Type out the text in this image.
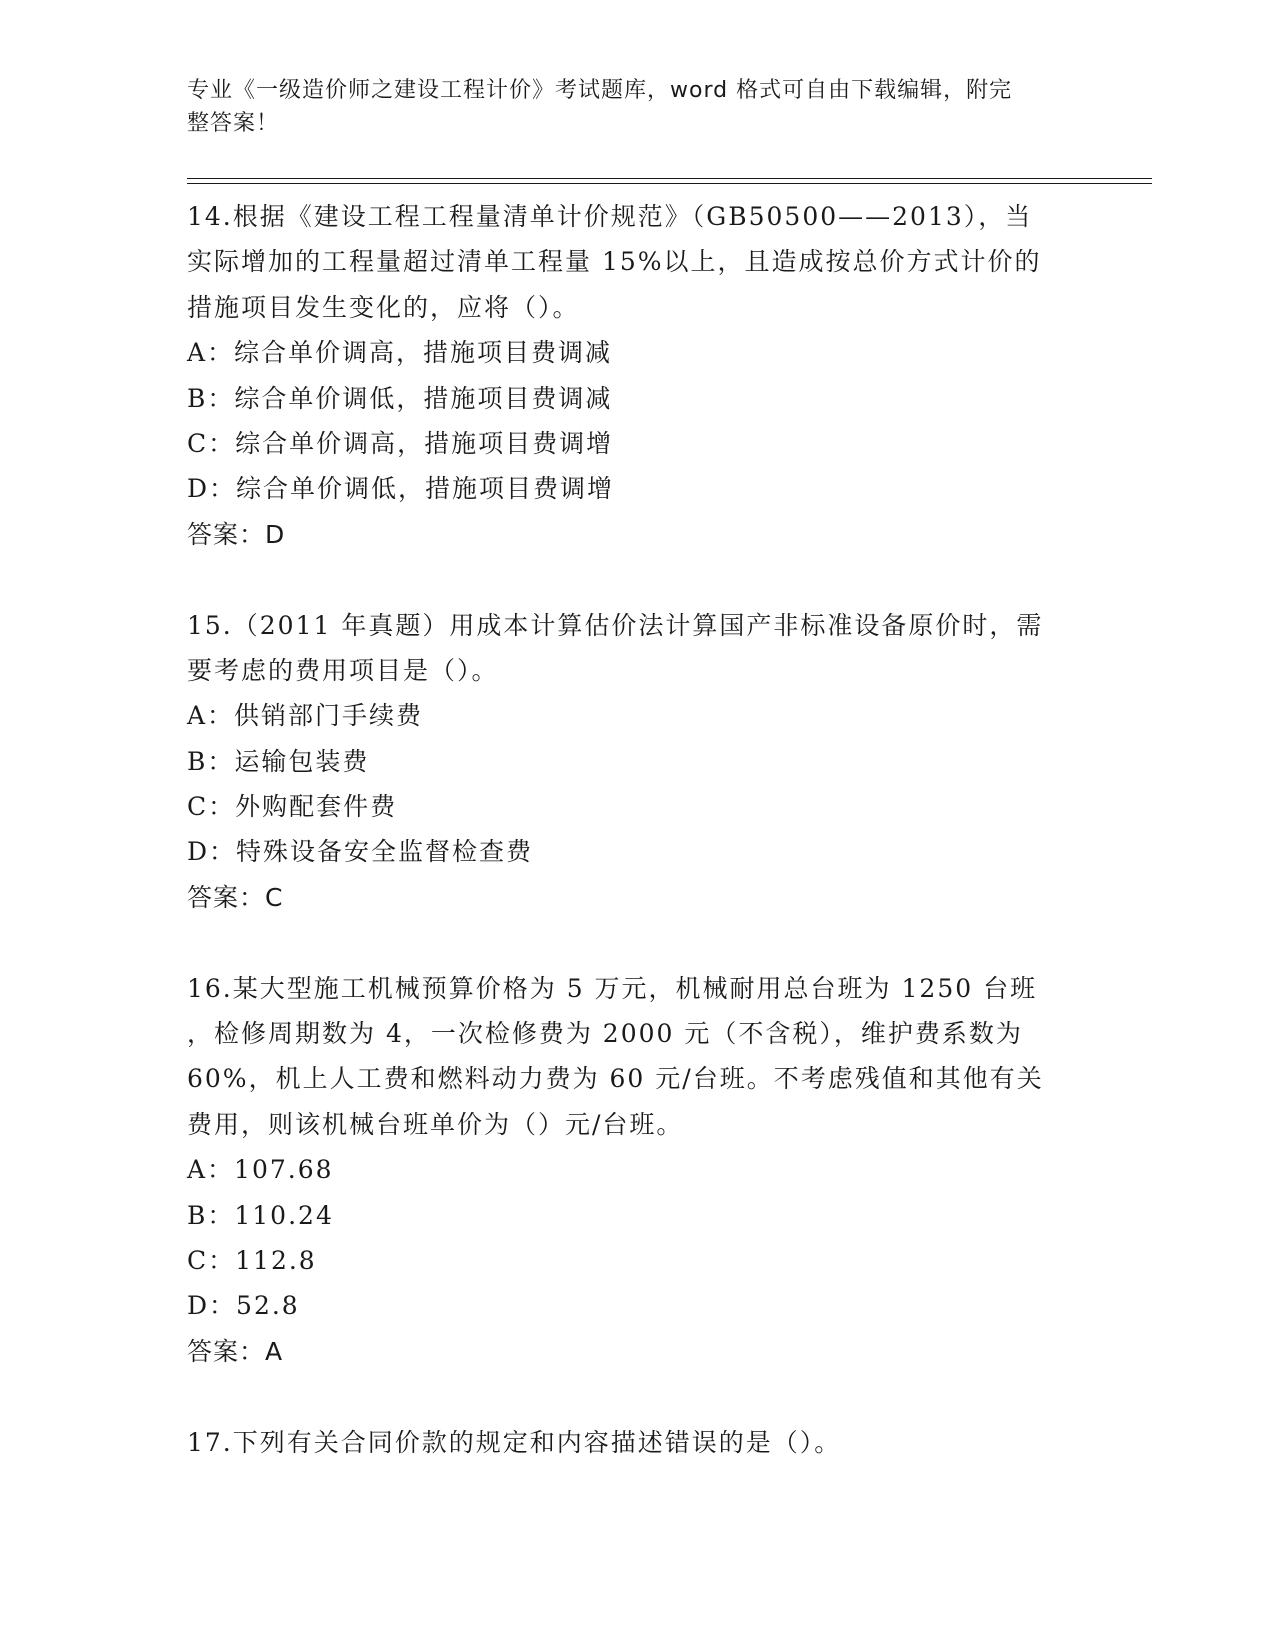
专业《一级造价师之建设工程计价》考试题库，word 格式可自由下载编辑，附完
整答案！
14.根据《建设工程工程量清单计价规范》（GB50500——2013），当
实际增加的工程量超过清单工程量 15%以上，且造成按总价方式计价的
措施项目发生变化的，应将（）。
A：综合单价调高，措施项目费调减
B：综合单价调低，措施项目费调减
C：综合单价调高，措施项目费调增
D：综合单价调低，措施项目费调增
答案：D
15.（2011 年真题）用成本计算估价法计算国产非标准设备原价时，需
要考虑的费用项目是（）。
A：供销部门手续费
B：运输包装费
C：外购配套件费
D：特殊设备安全监督检查费
答案：C
16.某大型施工机械预算价格为 5 万元，机械耐用总台班为 1250 台班
，检修周期数为 4，一次检修费为 2000 元（不含税），维护费系数为
60%，机上人工费和燃料动力费为 60 元/台班。不考虑残值和其他有关
费用，则该机械台班单价为（）元/台班。
A：107.68
B：110.24
C：112.8
D：52.8
答案：A
17.下列有关合同价款的规定和内容描述错误的是（）。
